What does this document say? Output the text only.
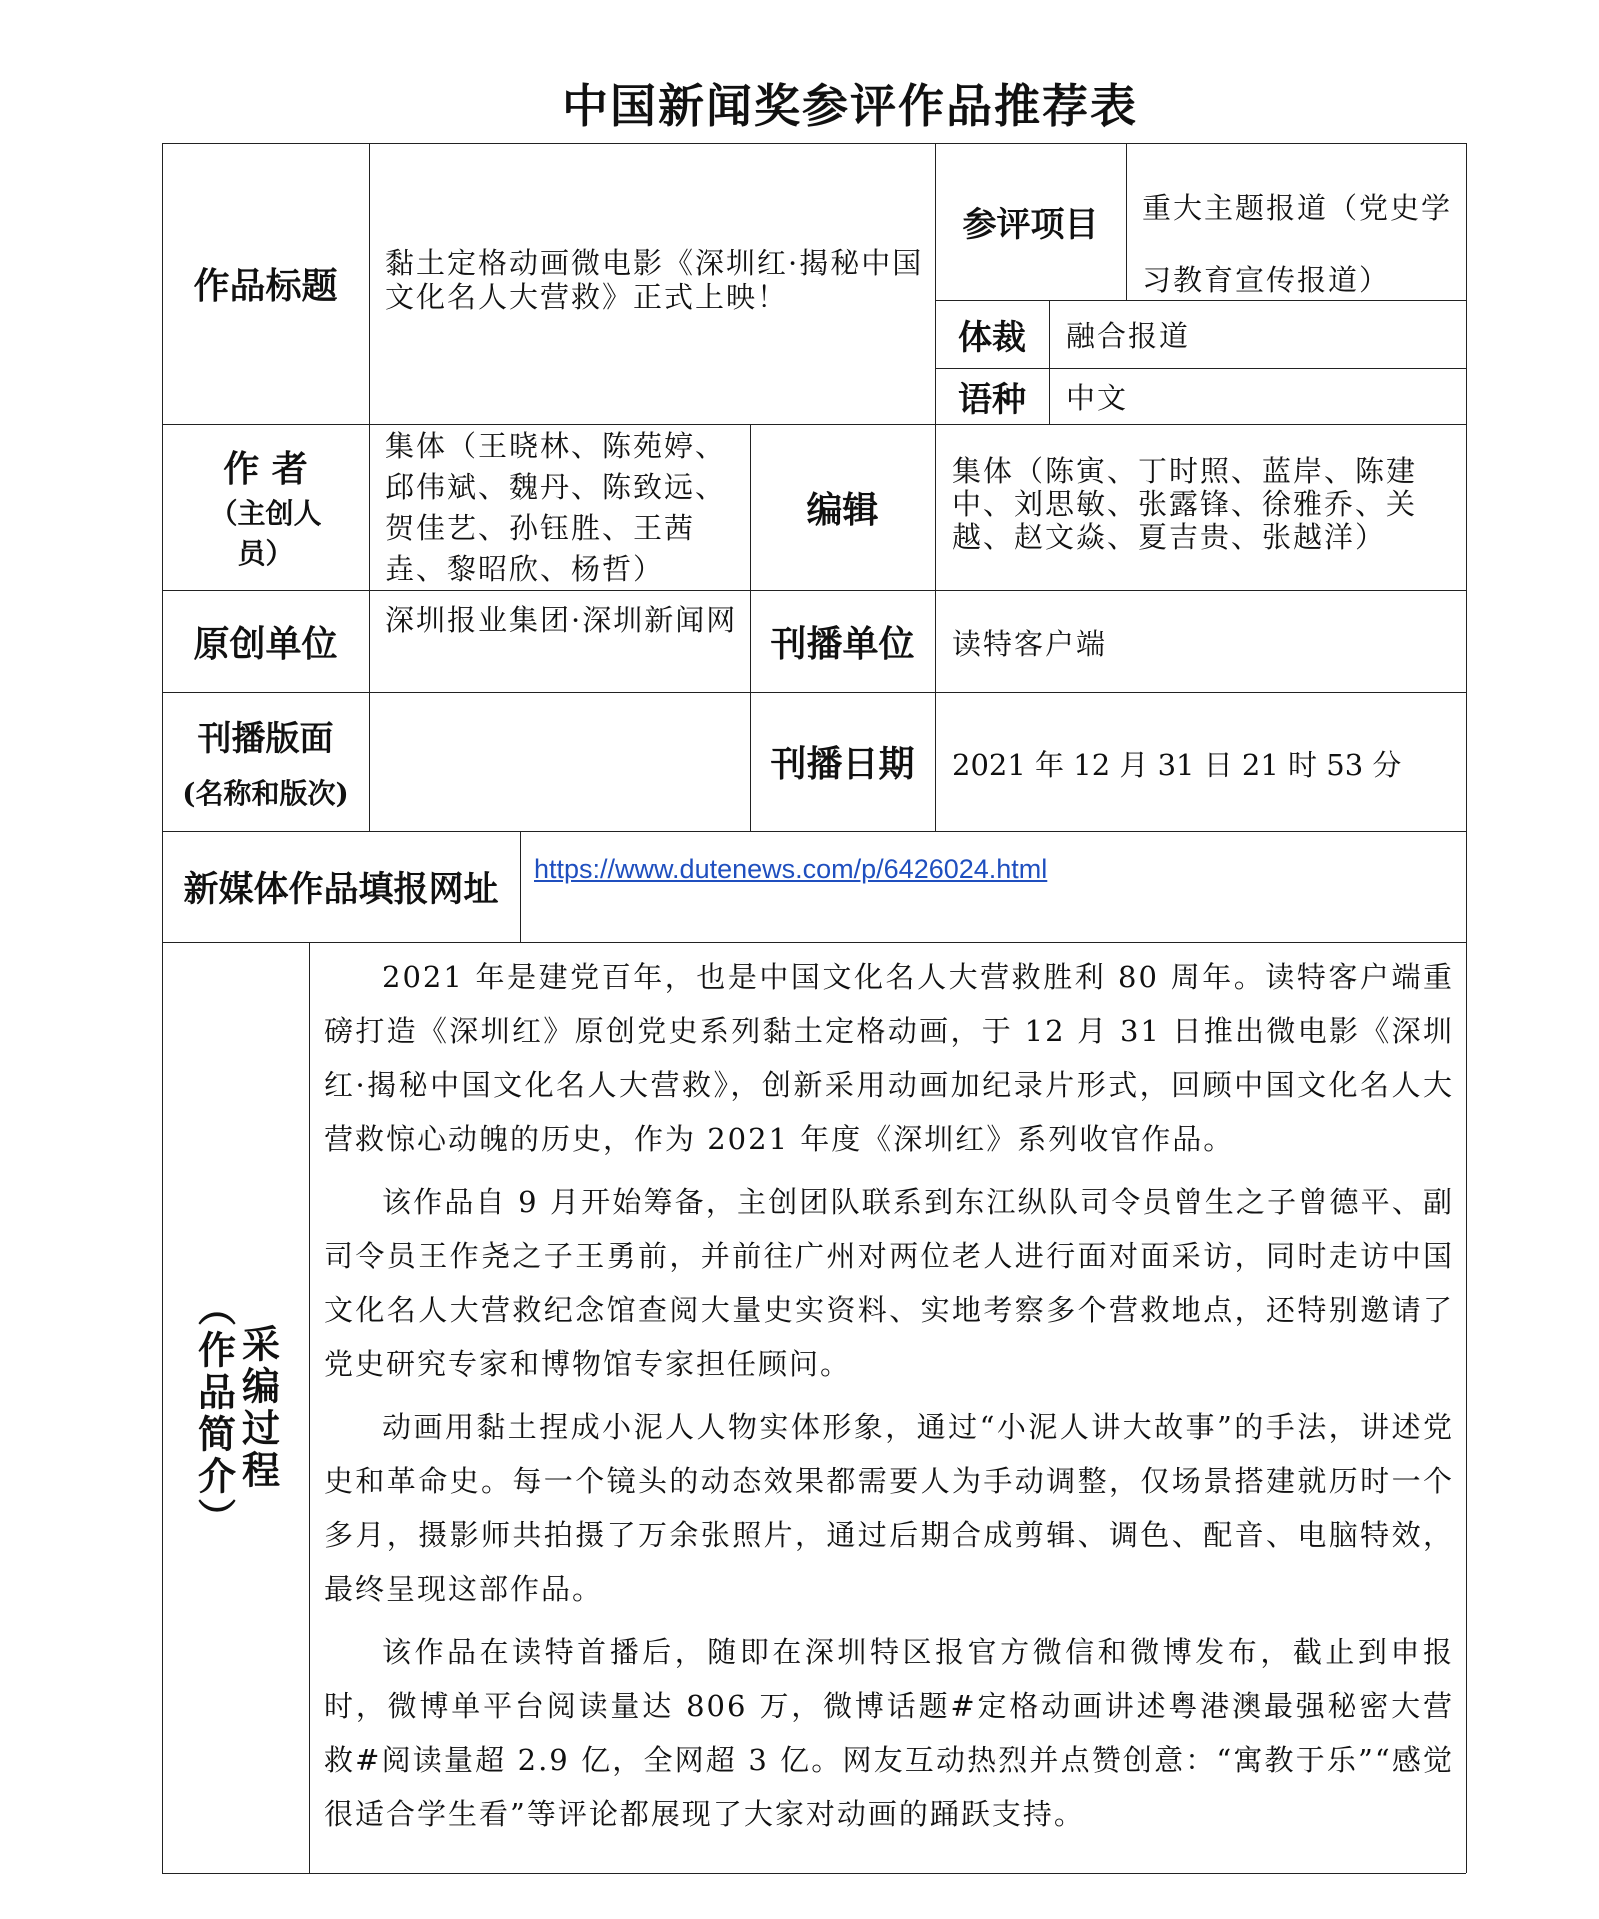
中国新闻奖参评作品推荐表
作品标题
黏土定格动画微电影《深圳红·揭秘中国文化名人大营救》正式上映！
参评项目 重大主题报道（党史学习教育宣传报道）
体裁 融合报道
语种 中文
作 者
（主创人员）
集体（王晓林、陈苑婷、邱伟斌、魏丹、陈致远、贺佳艺、孙钰胜、王茜垚、黎昭欣、杨哲）
编辑
集体（陈寅、丁时照、蓝岸、陈建中、刘思敏、张露锋、徐雅乔、关越、赵文焱、夏吉贵、张越洋）
原创单位
深圳报业集团·深圳新闻网
刊播单位 读特客户端
刊播版面
(名称和版次)
刊播日期 2021 年 12 月 31 日 21 时 53 分
新媒体作品填报网址 https://www.dutenews.com/p/6426024.html
采编过程（作品简介）

2021 年是建党百年，也是中国文化名人大营救胜利 80 周年。读特客户端重磅打造《深圳红》原创党史系列黏土定格动画，于 12 月 31 日推出微电影《深圳红·揭秘中国文化名人大营救》，创新采用动画加纪录片形式，回顾中国文化名人大营救惊心动魄的历史，作为 2021 年度《深圳红》系列收官作品。

该作品自 9 月开始筹备，主创团队联系到东江纵队司令员曾生之子曾德平、副司令员王作尧之子王勇前，并前往广州对两位老人进行面对面采访，同时走访中国文化名人大营救纪念馆查阅大量史实资料、实地考察多个营救地点，还特别邀请了党史研究专家和博物馆专家担任顾问。

动画用黏土捏成小泥人人物实体形象，通过“小泥人讲大故事”的手法，讲述党史和革命史。每一个镜头的动态效果都需要人为手动调整，仅场景搭建就历时一个多月，摄影师共拍摄了万余张照片，通过后期合成剪辑、调色、配音、电脑特效，最终呈现这部作品。

该作品在读特首播后，随即在深圳特区报官方微信和微博发布，截止到申报时，微博单平台阅读量达 806 万，微博话题#定格动画讲述粤港澳最强秘密大营救#阅读量超 2.9 亿，全网超 3 亿。网友互动热烈并点赞创意：“寓教于乐”“感觉很适合学生看”等评论都展现了大家对动画的踊跃支持。
